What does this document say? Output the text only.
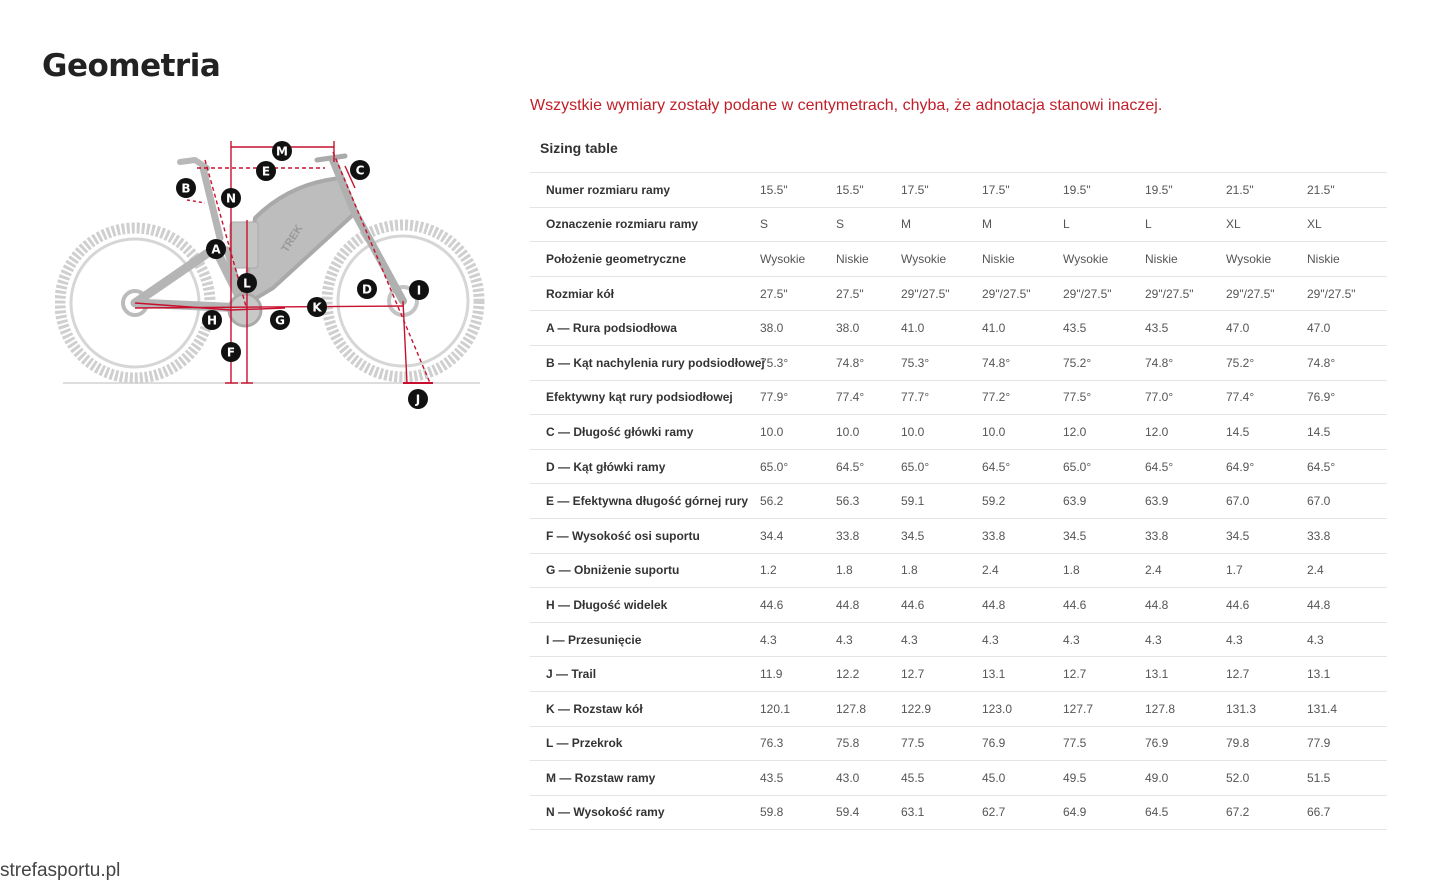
Geometria

Wszystkie wymiary zostały podane w centymetrach, chyba, że adnotacja stanowi inaczej.

TREK
M
E	C
B
N
A
L	D	I
K
H	G
F
J
Sizing table
Numer rozmiaru ramy	15.5"	15.5"	17.5"	17.5"	19.5"	19.5"	21.5"	21.5"
Oznaczenie rozmiaru ramy	S	S	M	M	L	L	XL	XL
Położenie geometryczne	Wysokie	Niskie	Wysokie	Niskie	Wysokie	Niskie	Wysokie	Niskie
Rozmiar kół	27.5"	27.5"	29"/27.5"	29"/27.5"	29"/27.5"	29"/27.5"	29"/27.5"	29"/27.5"
A — Rura podsiodłowa	38.0	38.0	41.0	41.0	43.5	43.5	47.0	47.0
B — Kąt nachylenia rury podsiodłowej	75.3°	74.8°	75.3°	74.8°	75.2°	74.8°	75.2°	74.8°
Efektywny kąt rury podsiodłowej	77.9°	77.4°	77.7°	77.2°	77.5°	77.0°	77.4°	76.9°
C — Długość główki ramy	10.0	10.0	10.0	10.0	12.0	12.0	14.5	14.5
D — Kąt główki ramy	65.0°	64.5°	65.0°	64.5°	65.0°	64.5°	64.9°	64.5°
E — Efektywna długość górnej rury	56.2	56.3	59.1	59.2	63.9	63.9	67.0	67.0
F — Wysokość osi suportu	34.4	33.8	34.5	33.8	34.5	33.8	34.5	33.8
G — Obniżenie suportu	1.2	1.8	1.8	2.4	1.8	2.4	1.7	2.4
H — Długość widelek	44.6	44.8	44.6	44.8	44.6	44.8	44.6	44.8
I — Przesunięcie	4.3	4.3	4.3	4.3	4.3	4.3	4.3	4.3
J — Trail	11.9	12.2	12.7	13.1	12.7	13.1	12.7	13.1
K — Rozstaw kół	120.1	127.8	122.9	123.0	127.7	127.8	131.3	131.4
L — Przekrok	76.3	75.8	77.5	76.9	77.5	76.9	79.8	77.9
M — Rozstaw ramy	43.5	43.0	45.5	45.0	49.5	49.0	52.0	51.5
N — Wysokość ramy	59.8	59.4	63.1	62.7	64.9	64.5	67.2	66.7
strefasportu.pl
